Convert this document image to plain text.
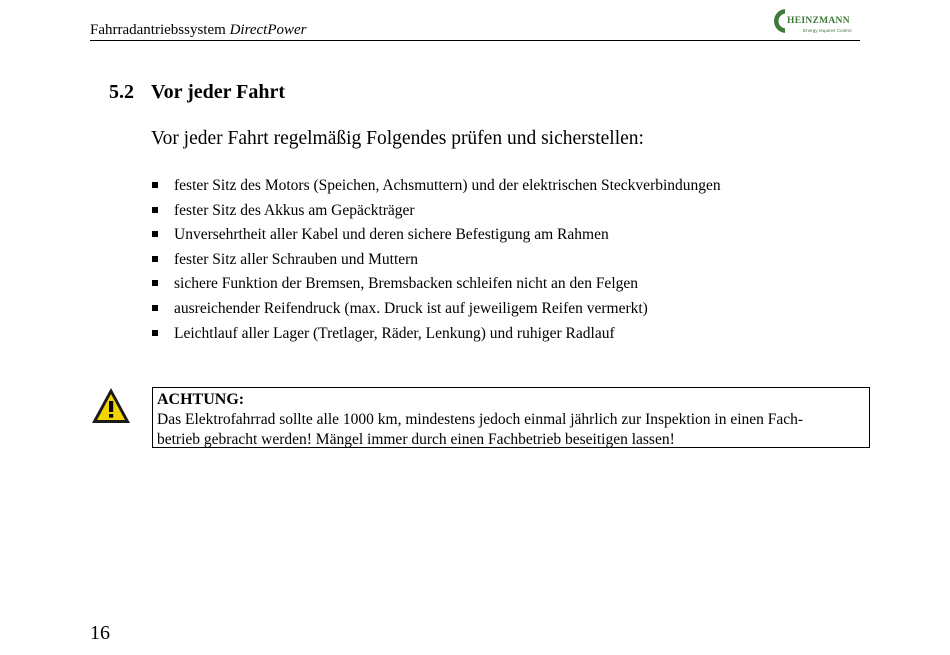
Fahrradantriebssystem DirectPower
HEINZMANN
Energy requires Control
5.2 Vor jeder Fahrt
Vor jeder Fahrt regelmäßig Folgendes prüfen und sicherstellen:
fester Sitz des Motors (Speichen, Achsmuttern) und der elektrischen Steckverbindungen
fester Sitz des Akkus am Gepäckträger
Unversehrtheit aller Kabel und deren sichere Befestigung am Rahmen
fester Sitz aller Schrauben und Muttern
sichere Funktion der Bremsen, Bremsbacken schleifen nicht an den Felgen
ausreichender Reifendruck (max. Druck ist auf jeweiligem Reifen vermerkt)
Leichtlauf aller Lager (Tretlager, Räder, Lenkung) und ruhiger Radlauf
ACHTUNG:
Das Elektrofahrrad sollte alle 1000 km, mindestens jedoch einmal jährlich zur Inspektion in einen Fach-
betrieb gebracht werden! Mängel immer durch einen Fachbetrieb beseitigen lassen!
16
